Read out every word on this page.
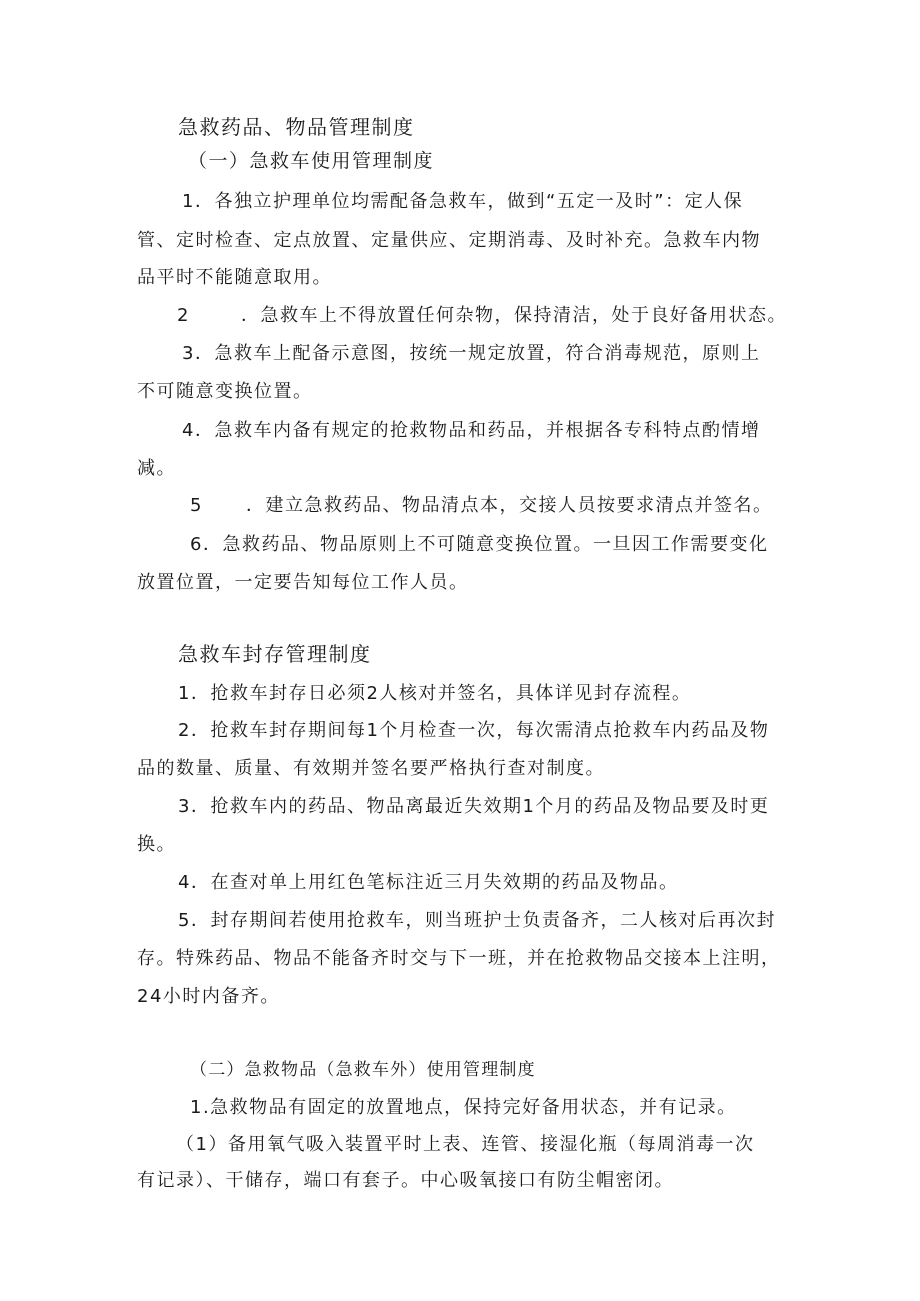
急救药品、物品管理制度
（一）急救车使用管理制度
1．各独立护理单位均需配备急救车，做到“五定一及时”：定人保
管、定时检查、定点放置、定量供应、定期消毒、及时补充。急救车内物
品平时不能随意取用。
2	．急救车上不得放置任何杂物，保持清洁，处于良好备用状态。
3．急救车上配备示意图，按统一规定放置，符合消毒规范，原则上
不可随意变换位置。
4．急救车内备有规定的抢救物品和药品，并根据各专科特点酌情增
减。
5 ．建立急救药品、物品清点本，交接人员按要求清点并签名。
6．急救药品、物品原则上不可随意变换位置。一旦因工作需要变化
放置位置，一定要告知每位工作人员。
急救车封存管理制度
1．抢救车封存日必须2人核对并签名，具体详见封存流程。
2．抢救车封存期间每1个月检查一次，每次需清点抢救车内药品及物
品的数量、质量、有效期并签名要严格执行查对制度。
3．抢救车内的药品、物品离最近失效期1个月的药品及物品要及时更
换。
4．在查对单上用红色笔标注近三月失效期的药品及物品。
5．封存期间若使用抢救车，则当班护士负责备齐，二人核对后再次封
存。特殊药品、物品不能备齐时交与下一班，并在抢救物品交接本上注明，
24小时内备齐。
（二）急救物品（急救车外）使用管理制度
1.急救物品有固定的放置地点，保持完好备用状态，并有记录。
（1）备用氧气吸入装置平时上表、连管、接湿化瓶（每周消毒一次
有记录）、干储存，端口有套子。中心吸氧接口有防尘帽密闭。
